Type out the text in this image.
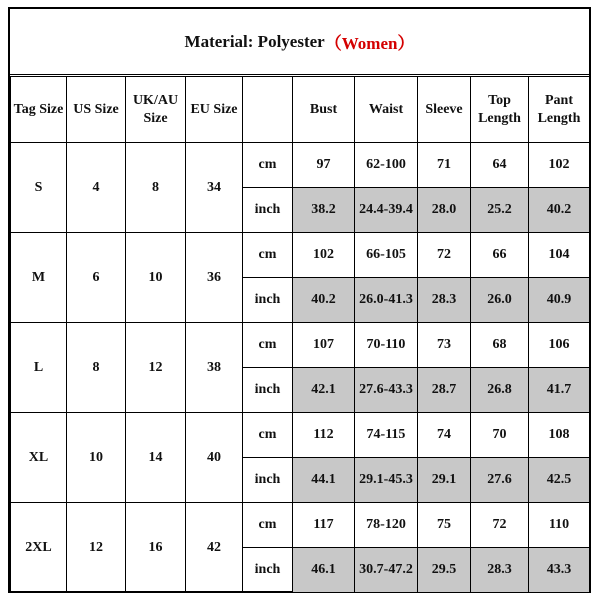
Material: Polyester （Women）
Tag Size	US Size	UK/AU Size	EU Size		Bust	Waist	Sleeve	Top Length	Pant Length
S	4	8	34	cm	97	62-100	71	64	102
				inch	38.2	24.4-39.4	28.0	25.2	40.2
M	6	10	36	cm	102	66-105	72	66	104
				inch	40.2	26.0-41.3	28.3	26.0	40.9
L	8	12	38	cm	107	70-110	73	68	106
				inch	42.1	27.6-43.3	28.7	26.8	41.7
XL	10	14	40	cm	112	74-115	74	70	108
				inch	44.1	29.1-45.3	29.1	27.6	42.5
2XL	12	16	42	cm	117	78-120	75	72	110
				inch	46.1	30.7-47.2	29.5	28.3	43.3
